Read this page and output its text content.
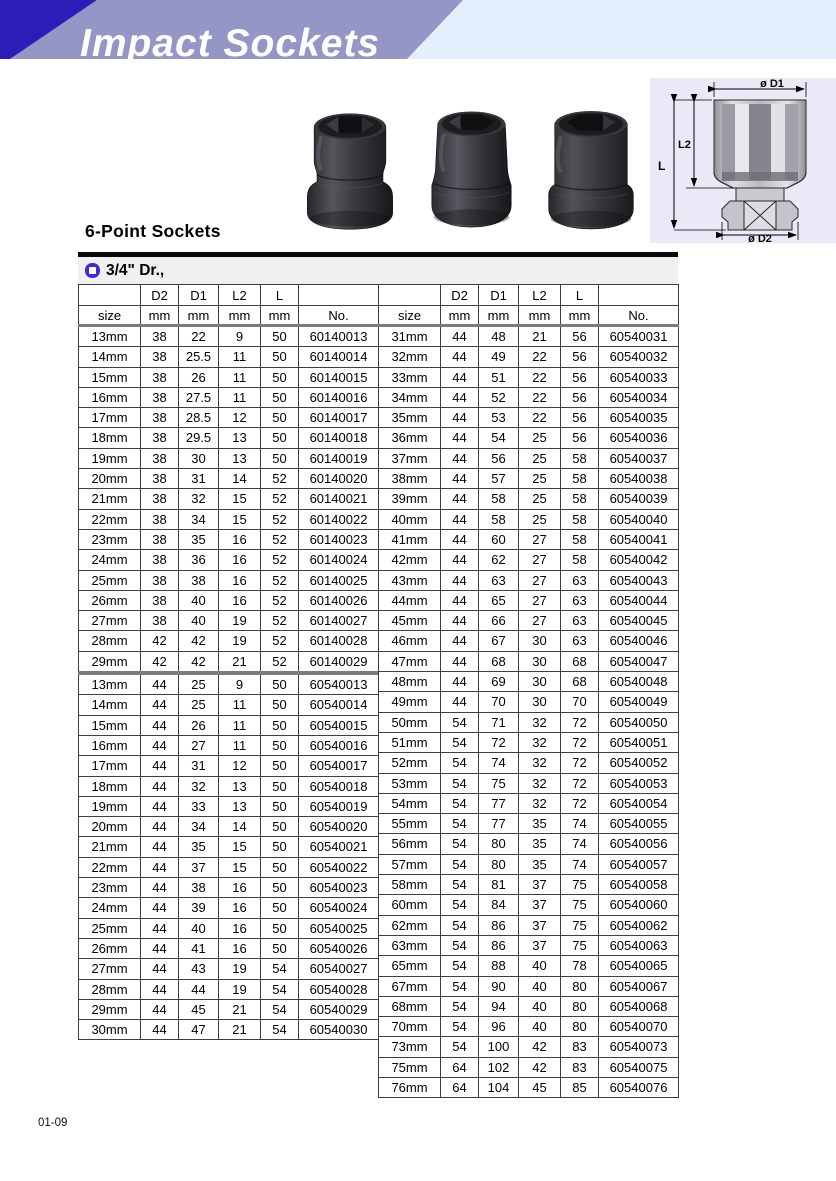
Impact Sockets
ø D1
L
L2
ø D2
6-Point Sockets
3/4" Dr.,
	D2	D1	L2	L	
size	mm	mm	mm	mm	No.
13mm	38	22	9	50	60140013
14mm	38	25.5	11	50	60140014
15mm	38	26	11	50	60140015
16mm	38	27.5	11	50	60140016
17mm	38	28.5	12	50	60140017
18mm	38	29.5	13	50	60140018
19mm	38	30	13	50	60140019
20mm	38	31	14	52	60140020
21mm	38	32	15	52	60140021
22mm	38	34	15	52	60140022
23mm	38	35	16	52	60140023
24mm	38	36	16	52	60140024
25mm	38	38	16	52	60140025
26mm	38	40	16	52	60140026
27mm	38	40	19	52	60140027
28mm	42	42	19	52	60140028
29mm	42	42	21	52	60140029
13mm	44	25	9	50	60540013
14mm	44	25	11	50	60540014
15mm	44	26	11	50	60540015
16mm	44	27	11	50	60540016
17mm	44	31	12	50	60540017
18mm	44	32	13	50	60540018
19mm	44	33	13	50	60540019
20mm	44	34	14	50	60540020
21mm	44	35	15	50	60540021
22mm	44	37	15	50	60540022
23mm	44	38	16	50	60540023
24mm	44	39	16	50	60540024
25mm	44	40	16	50	60540025
26mm	44	41	16	50	60540026
27mm	44	43	19	54	60540027
28mm	44	44	19	54	60540028
29mm	44	45	21	54	60540029
30mm	44	47	21	54	60540030
	D2	D1	L2	L	
size	mm	mm	mm	mm	No.
31mm	44	48	21	56	60540031
32mm	44	49	22	56	60540032
33mm	44	51	22	56	60540033
34mm	44	52	22	56	60540034
35mm	44	53	22	56	60540035
36mm	44	54	25	56	60540036
37mm	44	56	25	58	60540037
38mm	44	57	25	58	60540038
39mm	44	58	25	58	60540039
40mm	44	58	25	58	60540040
41mm	44	60	27	58	60540041
42mm	44	62	27	58	60540042
43mm	44	63	27	63	60540043
44mm	44	65	27	63	60540044
45mm	44	66	27	63	60540045
46mm	44	67	30	63	60540046
47mm	44	68	30	68	60540047
48mm	44	69	30	68	60540048
49mm	44	70	30	70	60540049
50mm	54	71	32	72	60540050
51mm	54	72	32	72	60540051
52mm	54	74	32	72	60540052
53mm	54	75	32	72	60540053
54mm	54	77	32	72	60540054
55mm	54	77	35	74	60540055
56mm	54	80	35	74	60540056
57mm	54	80	35	74	60540057
58mm	54	81	37	75	60540058
60mm	54	84	37	75	60540060
62mm	54	86	37	75	60540062
63mm	54	86	37	75	60540063
65mm	54	88	40	78	60540065
67mm	54	90	40	80	60540067
68mm	54	94	40	80	60540068
70mm	54	96	40	80	60540070
73mm	54	100	42	83	60540073
75mm	64	102	42	83	60540075
76mm	64	104	45	85	60540076
01-09
